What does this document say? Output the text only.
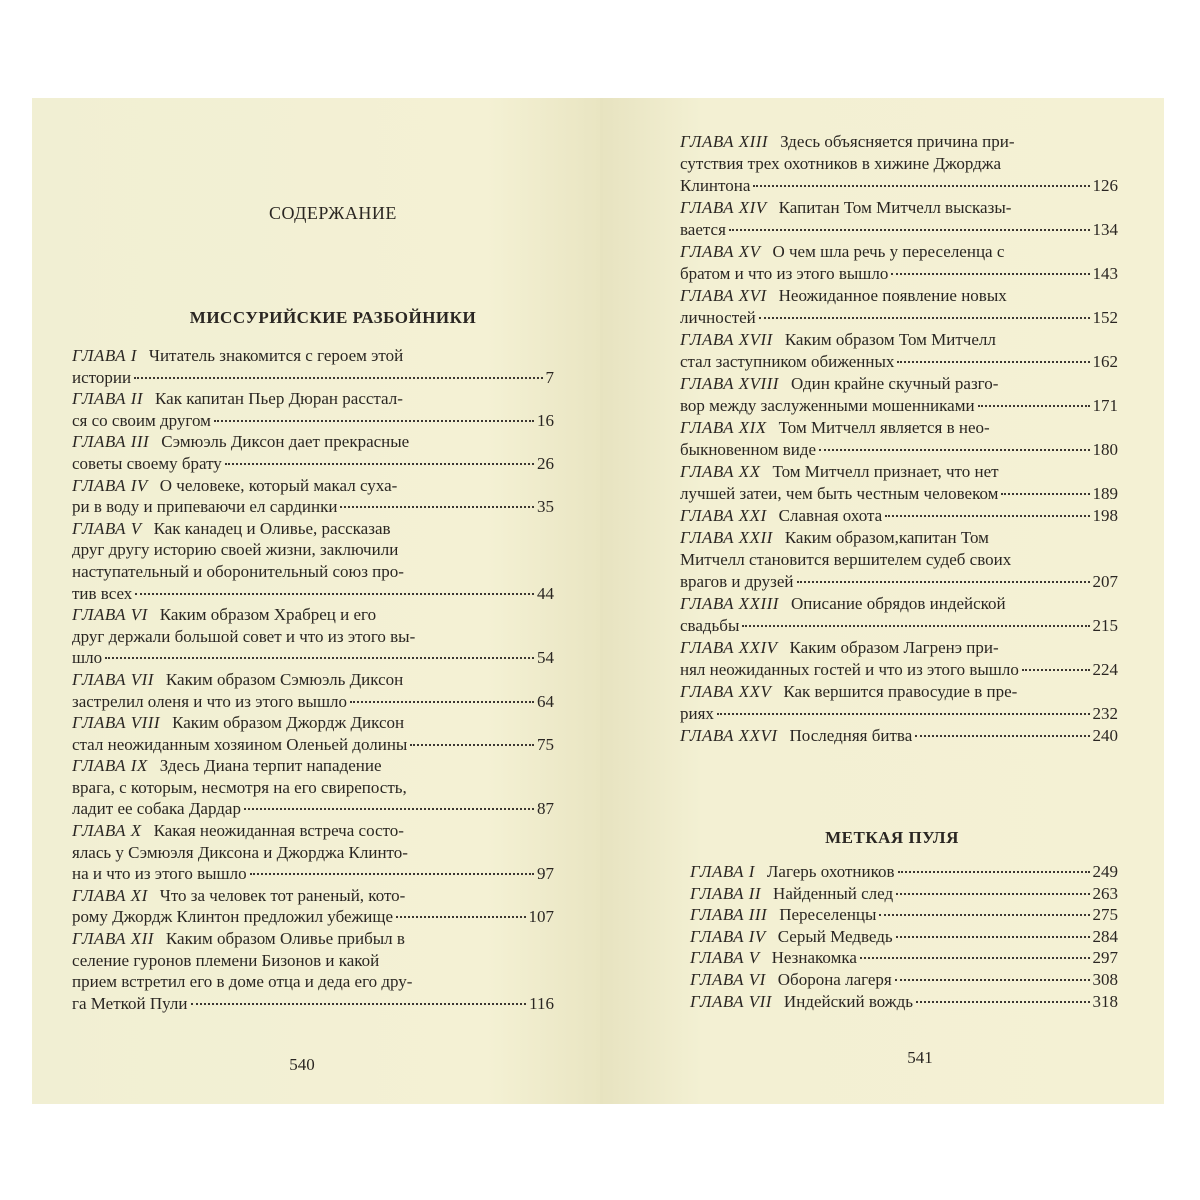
СОДЕРЖАНИЕ
МИССУРИЙСКИЕ РАЗБОЙНИКИ
ГЛАВА I Читатель знакомится с героем этой
истории	7
ГЛАВА II Как капитан Пьер Дюран расстал-
ся со своим другом	16
ГЛАВА III Сэмюэль Диксон дает прекрасные
советы своему брату	26
ГЛАВА IV О человеке, который макал суха-
ри в воду и припеваючи ел сардинки	35
ГЛАВА V Как канадец и Оливье, рассказав
друг другу историю своей жизни, заключили
наступательный и оборонительный союз про-
тив всех	44
ГЛАВА VI Каким образом Храбрец и его
друг держали большой совет и что из этого вы-
шло	54
ГЛАВА VII Каким образом Сэмюэль Диксон
застрелил оленя и что из этого вышло	64
ГЛАВА VIII Каким образом Джордж Диксон
стал неожиданным хозяином Оленьей долины	75
ГЛАВА IX Здесь Диана терпит нападение
врага, с которым, несмотря на его свирепость,
ладит ее собака Дардар	87
ГЛАВА X Какая неожиданная встреча состо-
ялась у Сэмюэля Диксона и Джорджа Клинто-
на и что из этого вышло	97
ГЛАВА XI Что за человек тот раненый, кото-
рому Джордж Клинтон предложил убежище	107
ГЛАВА XII Каким образом Оливье прибыл в
селение гуронов племени Бизонов и какой
прием встретил его в доме отца и деда его дру-
га Меткой Пули	116
540
ГЛАВА XIII Здесь объясняется причина при-
сутствия трех охотников в хижине Джорджа
Клинтона	126
ГЛАВА XIV Капитан Том Митчелл высказы-
вается	134
ГЛАВА XV О чем шла речь у переселенца с
братом и что из этого вышло	143
ГЛАВА XVI Неожиданное появление новых
личностей	152
ГЛАВА XVII Каким образом Том Митчелл
стал заступником обиженных	162
ГЛАВА XVIII Один крайне скучный разго-
вор между заслуженными мошенниками	171
ГЛАВА XIX Том Митчелл является в нео-
быкновенном виде	180
ГЛАВА XX Том Митчелл признает, что нет
лучшей затеи, чем быть честным человеком	189
ГЛАВА XXI Славная охота	198
ГЛАВА XXII Каким образом,капитан Том
Митчелл становится вершителем судеб своих
врагов и друзей	207
ГЛАВА XXIII Описание обрядов индейской
свадьбы	215
ГЛАВА XXIV Каким образом Лагренэ при-
нял неожиданных гостей и что из этого вышло	224
ГЛАВА XXV Как вершится правосудие в пре-
риях	232
ГЛАВА XXVI Последняя битва	240
МЕТКАЯ ПУЛЯ
ГЛАВА I Лагерь охотников	249
ГЛАВА II Найденный след	263
ГЛАВА III Переселенцы	275
ГЛАВА IV Серый Медведь	284
ГЛАВА V Незнакомка	297
ГЛАВА VI Оборона лагеря	308
ГЛАВА VII Индейский вождь	318
541
